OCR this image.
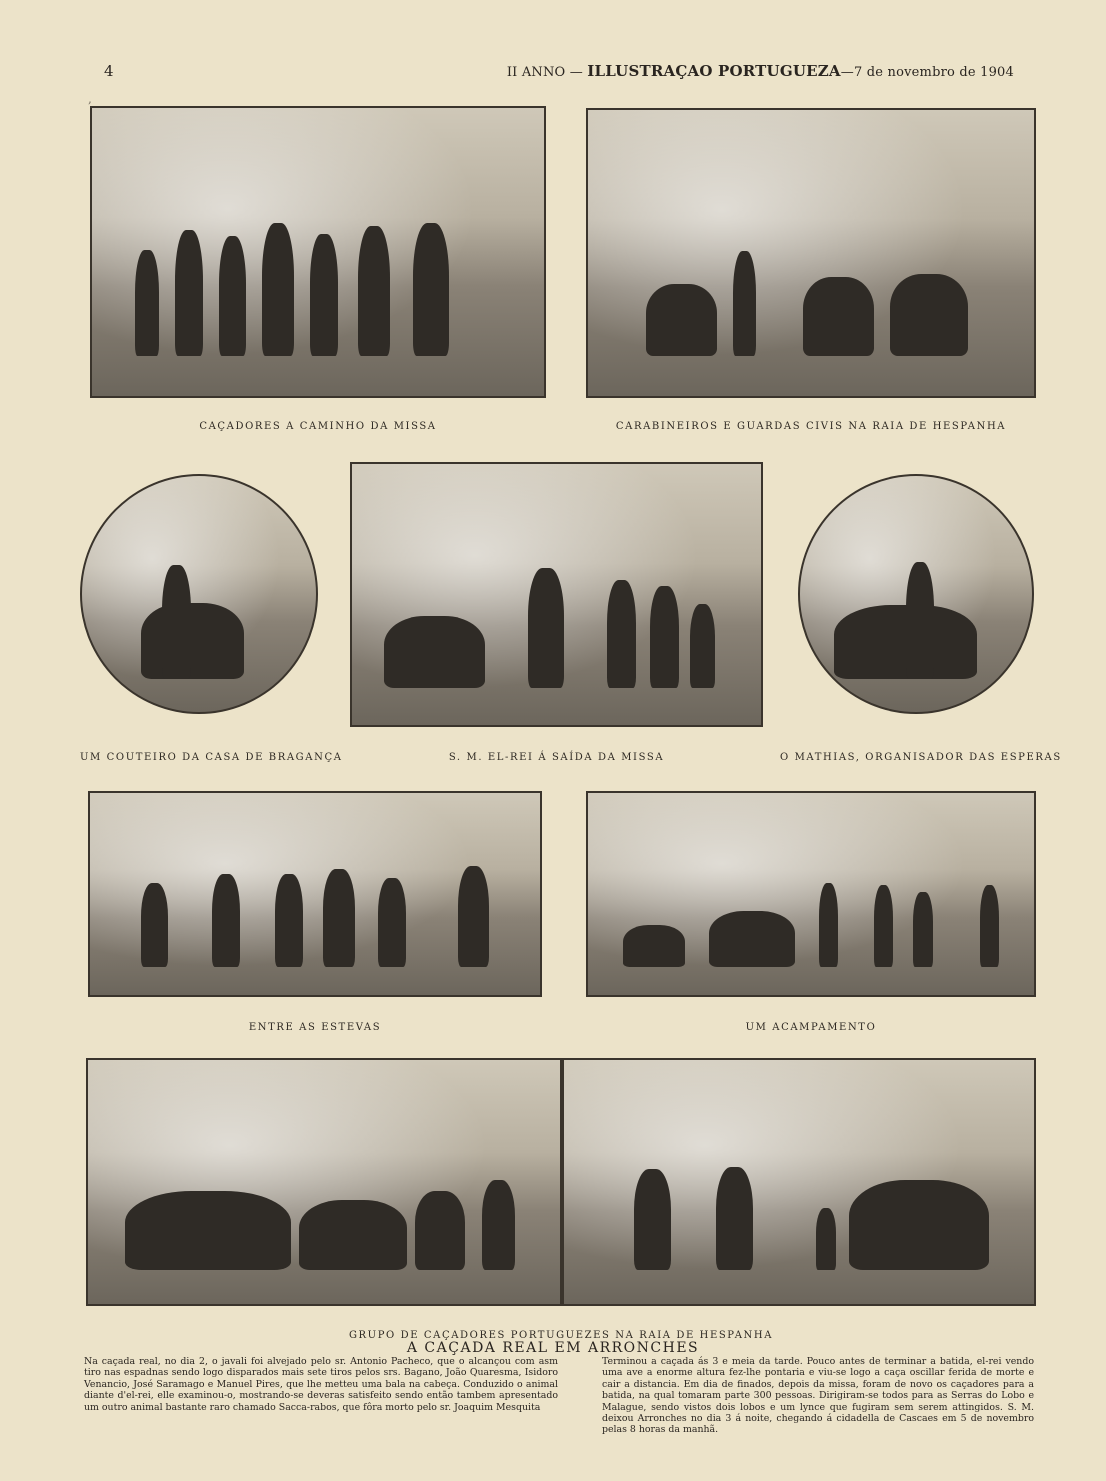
,
4	II ANNO — ILLUSTRAÇAO PORTUGUEZA—7 de novembro de 1904
CAÇADORES A CAMINHO DA MISSA	CARABINEIROS E GUARDAS CIVIS NA RAIA DE HESPANHA
UM COUTEIRO DA CASA DE BRAGANÇA	S. M. EL-REI Á SAÍDA DA MISSA	O MATHIAS, ORGANISADOR DAS ESPERAS
ENTRE AS ESTEVAS	UM ACAMPAMENTO
GRUPO DE CAÇADORES PORTUGUEZES NA RAIA DE HESPANHA
A CAÇADA REAL EM ARRONCHES
Na caçada real, no dia 2, o javali foi alvejado pelo sr. Antonio Pacheco, que o alcançou com asm tiro nas espadnas sendo logo disparados mais sete tiros pelos srs. Bagano, João Quaresma, Isidoro Venancio, José Saramago e Manuel Pires, que lhe metteu uma bala na cabeça. Conduzido o animal diante d'el-rei, elle examinou-o, mostrando-se deveras satisfeito sendo então tambem apresentado um outro animal bastante raro chamado Sacca-rabos, que fôra morto pelo sr. Joaquim Mesquita
Terminou a caçada ás 3 e meia da tarde. Pouco antes de terminar a batida, el-rei vendo uma ave a enorme altura fez-lhe pontaria e viu-se logo a caça oscillar ferida de morte e cair a distancia. Em dia de finados, depois da missa, foram de novo os caçadores para a batida, na qual tomaram parte 300 pessoas. Dirigiram-se todos para as Serras do Lobo e Malague, sendo vistos dois lobos e um lynce que fugiram sem serem attingidos. S. M. deixou Arronches no dia 3 á noite, chegando á cidadella de Cascaes em 5 de novembro pelas 8 horas da manhã.
